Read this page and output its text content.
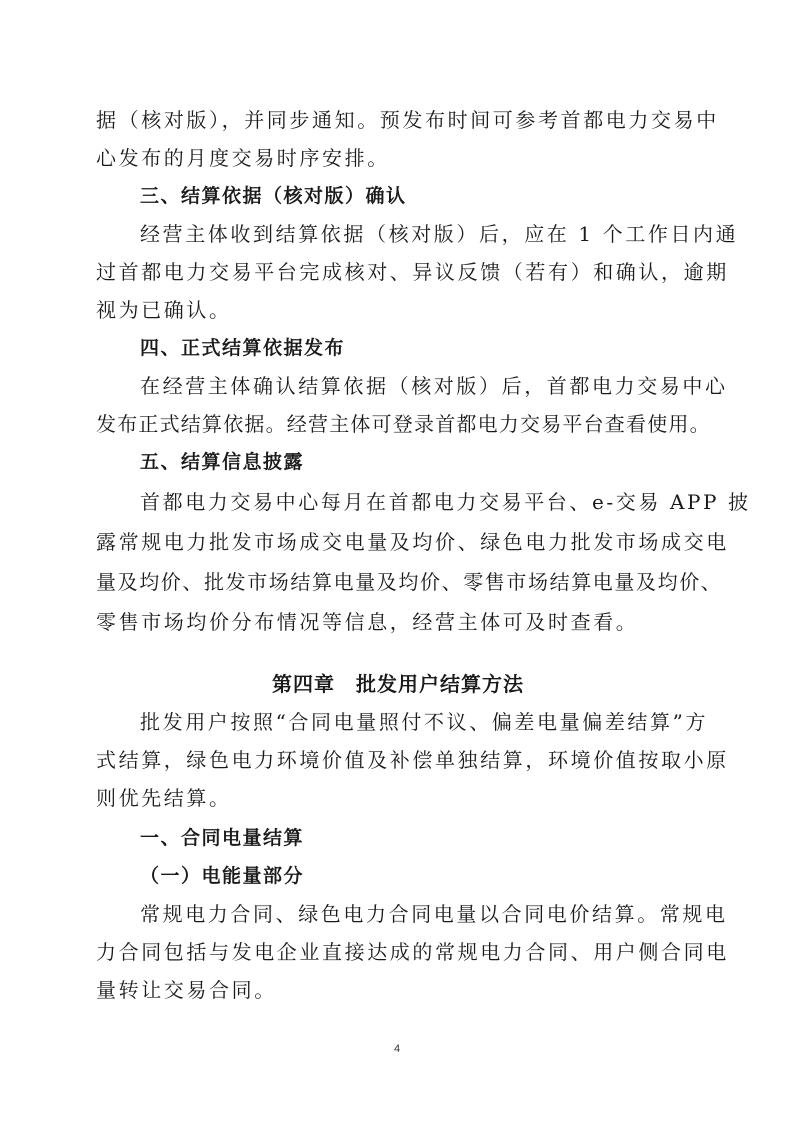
据（核对版），并同步通知。预发布时间可参考首都电力交易中
心发布的月度交易时序安排。
三、结算依据（核对版）确认
经营主体收到结算依据（核对版）后，应在 1 个工作日内通
过首都电力交易平台完成核对、异议反馈（若有）和确认，逾期
视为已确认。
四、正式结算依据发布
在经营主体确认结算依据（核对版）后，首都电力交易中心
发布正式结算依据。经营主体可登录首都电力交易平台查看使用。
五、结算信息披露
首都电力交易中心每月在首都电力交易平台、e-交易 APP 披
露常规电力批发市场成交电量及均价、绿色电力批发市场成交电
量及均价、批发市场结算电量及均价、零售市场结算电量及均价、
零售市场均价分布情况等信息，经营主体可及时查看。
第四章　批发用户结算方法
批发用户按照“合同电量照付不议、偏差电量偏差结算”方
式结算，绿色电力环境价值及补偿单独结算，环境价值按取小原
则优先结算。
一、合同电量结算
（一）电能量部分
常规电力合同、绿色电力合同电量以合同电价结算。常规电
力合同包括与发电企业直接达成的常规电力合同、用户侧合同电
量转让交易合同。
4
